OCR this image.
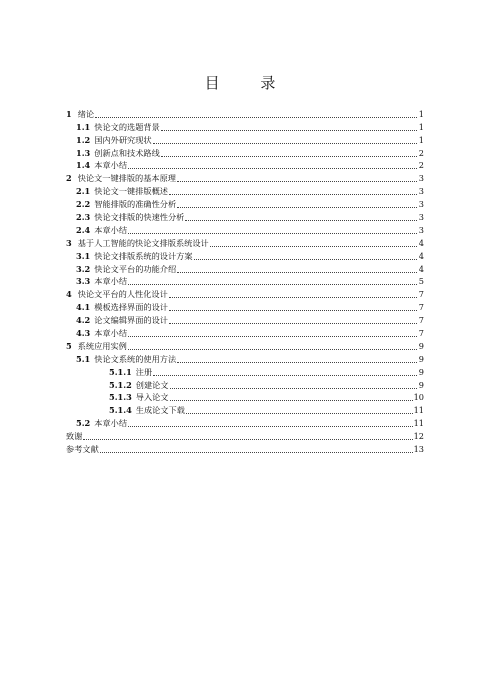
目 录
1 绪论	1
1.1 快论文的选题背景	1
1.2 国内外研究现状	1
1.3 创新点和技术路线	2
1.4 本章小结	2
2 快论文一键排版的基本原理	3
2.1 快论文一键排版概述	3
2.2 智能排版的准确性分析	3
2.3 快论文排版的快速性分析	3
2.4 本章小结	3
3 基于人工智能的快论文排版系统设计	4
3.1 快论文排版系统的设计方案	4
3.2 快论文平台的功能介绍	4
3.3 本章小结	5
4 快论文平台的人性化设计	7
4.1 模板选择界面的设计	7
4.2 论文编辑界面的设计	7
4.3 本章小结	7
5 系统应用实例	9
5.1 快论文系统的使用方法	9
5.1.1 注册	9
5.1.2 创建论文	9
5.1.3 导入论文	10
5.1.4 生成论文下载	11
5.2 本章小结	11
致谢	12
参考文献	13
